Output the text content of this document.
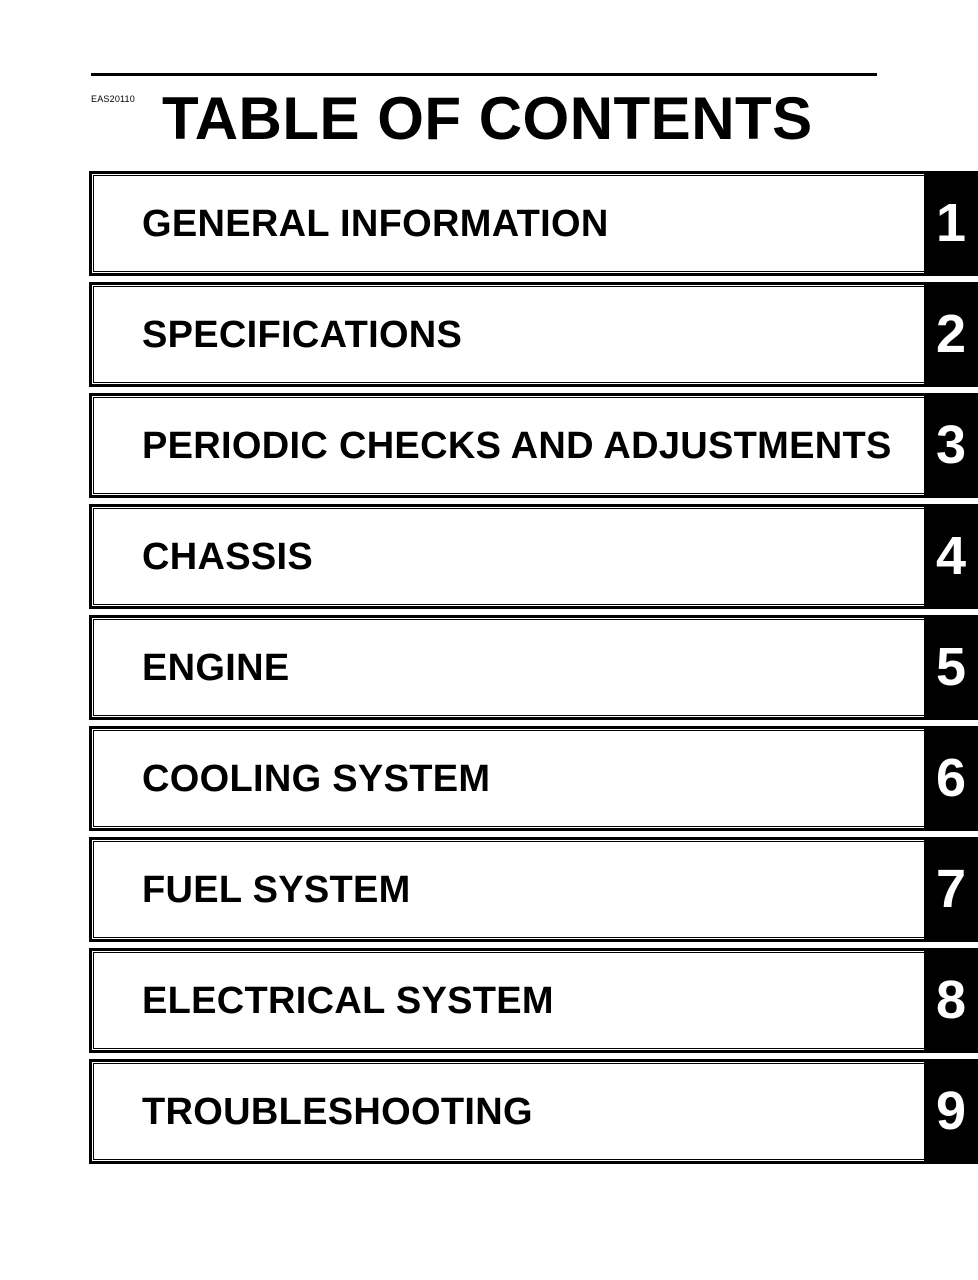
EAS20110 TABLE OF CONTENTS
GENERAL INFORMATION	1
SPECIFICATIONS	2
PERIODIC CHECKS AND ADJUSTMENTS 3
CHASSIS	4
ENGINE	5
COOLING SYSTEM	6
FUEL SYSTEM	7
ELECTRICAL SYSTEM	8
TROUBLESHOOTING	9
